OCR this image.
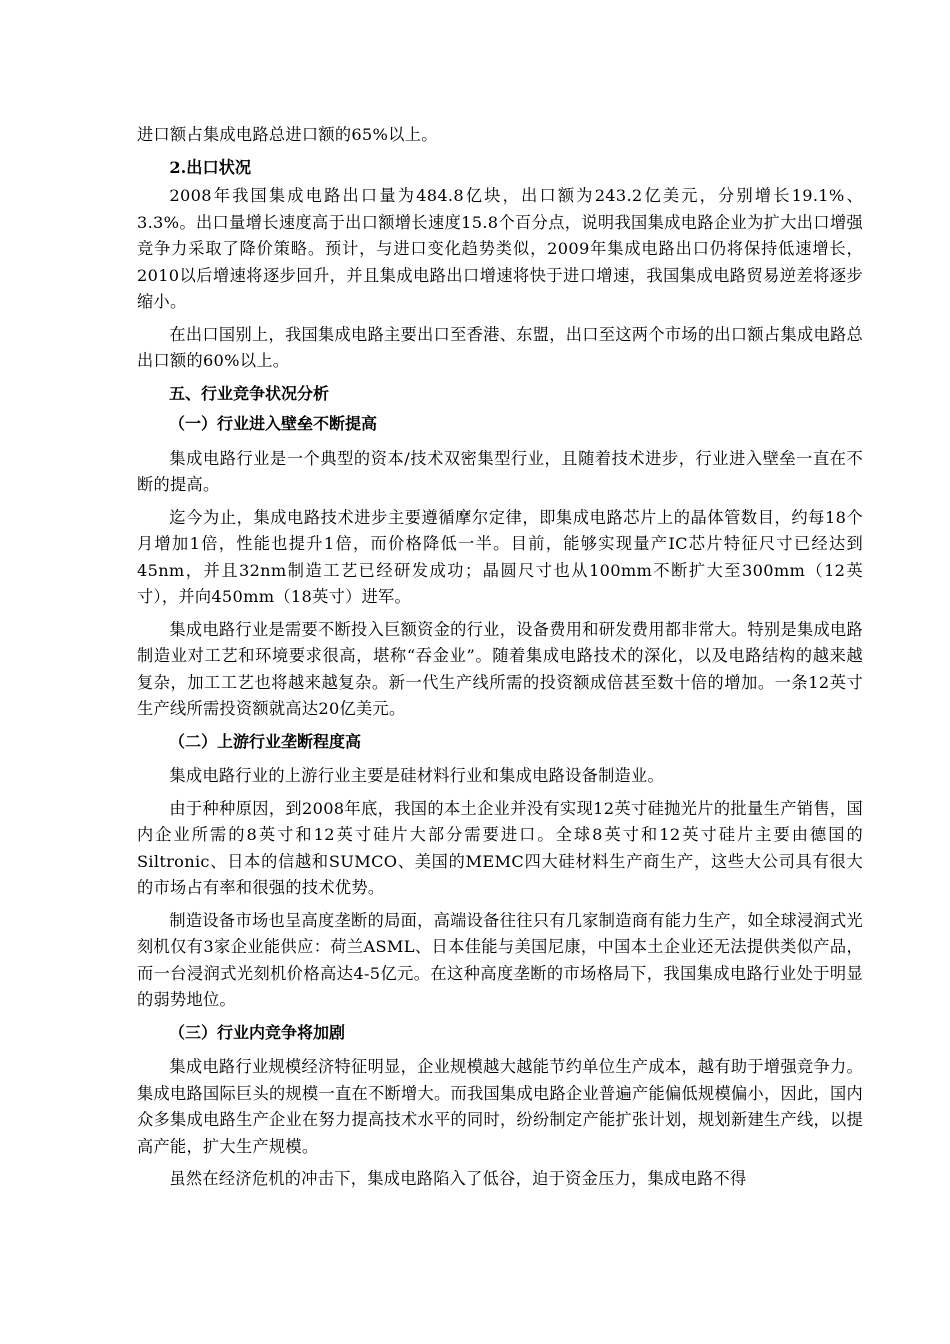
进口额占集成电路总进口额的65%以上。

2.出口状况

2008年我国集成电路出口量为484.8亿块，出口额为243.2亿美元，分别增长19.1%、3.3%。出口量增长速度高于出口额增长速度15.8个百分点，说明我国集成电路企业为扩大出口增强竞争力采取了降价策略。预计，与进口变化趋势类似，2009年集成电路出口仍将保持低速增长，2010以后增速将逐步回升，并且集成电路出口增速将快于进口增速，我国集成电路贸易逆差将逐步缩小。

在出口国别上，我国集成电路主要出口至香港、东盟，出口至这两个市场的出口额占集成电路总出口额的60%以上。

五、行业竞争状况分析

（一）行业进入壁垒不断提高

集成电路行业是一个典型的资本/技术双密集型行业，且随着技术进步，行业进入壁垒一直在不断的提高。

迄今为止，集成电路技术进步主要遵循摩尔定律，即集成电路芯片上的晶体管数目，约每18个月增加1倍，性能也提升1倍，而价格降低一半。目前，能够实现量产IC芯片特征尺寸已经达到45nm，并且32nm制造工艺已经研发成功；晶圆尺寸也从100mm不断扩大至300mm（12英寸），并向450mm（18英寸）进军。

集成电路行业是需要不断投入巨额资金的行业，设备费用和研发费用都非常大。特别是集成电路制造业对工艺和环境要求很高，堪称“吞金业”。随着集成电路技术的深化，以及电路结构的越来越复杂，加工工艺也将越来越复杂。新一代生产线所需的投资额成倍甚至数十倍的增加。一条12英寸生产线所需投资额就高达20亿美元。

（二）上游行业垄断程度高

集成电路行业的上游行业主要是硅材料行业和集成电路设备制造业。

由于种种原因，到2008年底，我国的本土企业并没有实现12英寸硅抛光片的批量生产销售，国内企业所需的8英寸和12英寸硅片大部分需要进口。全球8英寸和12英寸硅片主要由德国的Siltronic、日本的信越和SUMCO、美国的MEMC四大硅材料生产商生产，这些大公司具有很大的市场占有率和很强的技术优势。

制造设备市场也呈高度垄断的局面，高端设备往往只有几家制造商有能力生产，如全球浸润式光刻机仅有3家企业能供应：荷兰ASML、日本佳能与美国尼康，中国本土企业还无法提供类似产品，而一台浸润式光刻机价格高达4-5亿元。在这种高度垄断的市场格局下，我国集成电路行业处于明显的弱势地位。

（三）行业内竞争将加剧

集成电路行业规模经济特征明显，企业规模越大越能节约单位生产成本，越有助于增强竞争力。集成电路国际巨头的规模一直在不断增大。而我国集成电路企业普遍产能偏低规模偏小，因此，国内众多集成电路生产企业在努力提高技术水平的同时，纷纷制定产能扩张计划，规划新建生产线，以提高产能，扩大生产规模。

虽然在经济危机的冲击下，集成电路陷入了低谷，迫于资金压力，集成电路不得
